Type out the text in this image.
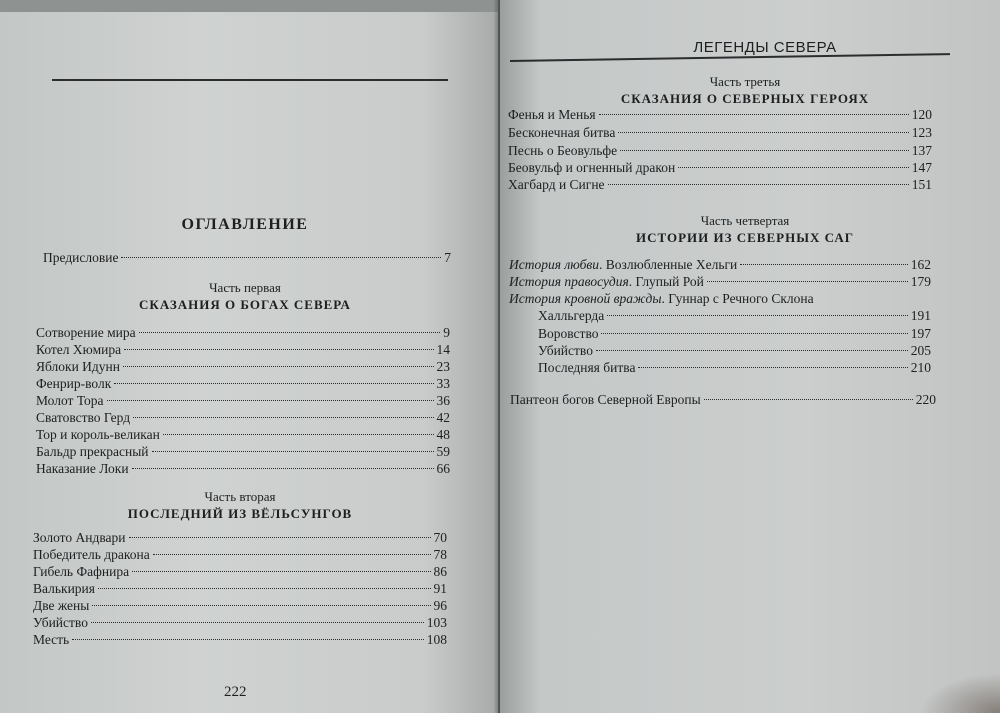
ОГЛАВЛЕНИЕ
Предисловие	7
Часть первая
СКАЗАНИЯ О БОГАХ СЕВЕРА
Сотворение мира	9
Котел Хюмира	14
Яблоки Идунн	23
Фенрир-волк	33
Молот Тора	36
Сватовство Герд	42
Тор и король-великан	48
Бальдр прекрасный	59
Наказание Локи	66
Часть вторая
ПОСЛЕДНИЙ ИЗ ВЁЛЬСУНГОВ
Золото Андвари	70
Победитель дракона	78
Гибель Фафнира	86
Валькирия	91
Две жены	96
Убийство	103
Месть	108
222
ЛЕГЕНДЫ СЕВЕРА
Часть третья
СКАЗАНИЯ О СЕВЕРНЫХ ГЕРОЯХ
Фенья и Менья	120
Бесконечная битва	123
Песнь о Беовульфе	137
Беовульф и огненный дракон	147
Хагбард и Сигне	151
Часть четвертая
ИСТОРИИ ИЗ СЕВЕРНЫХ САГ
История любви. Возлюбленные Хельги	162
История правосудия. Глупый Рой	179
История кровной вражды. Гуннар с Речного Склона
Халльгерда	191
Воровство	197
Убийство	205
Последняя битва	210
Пантеон богов Северной Европы	220
